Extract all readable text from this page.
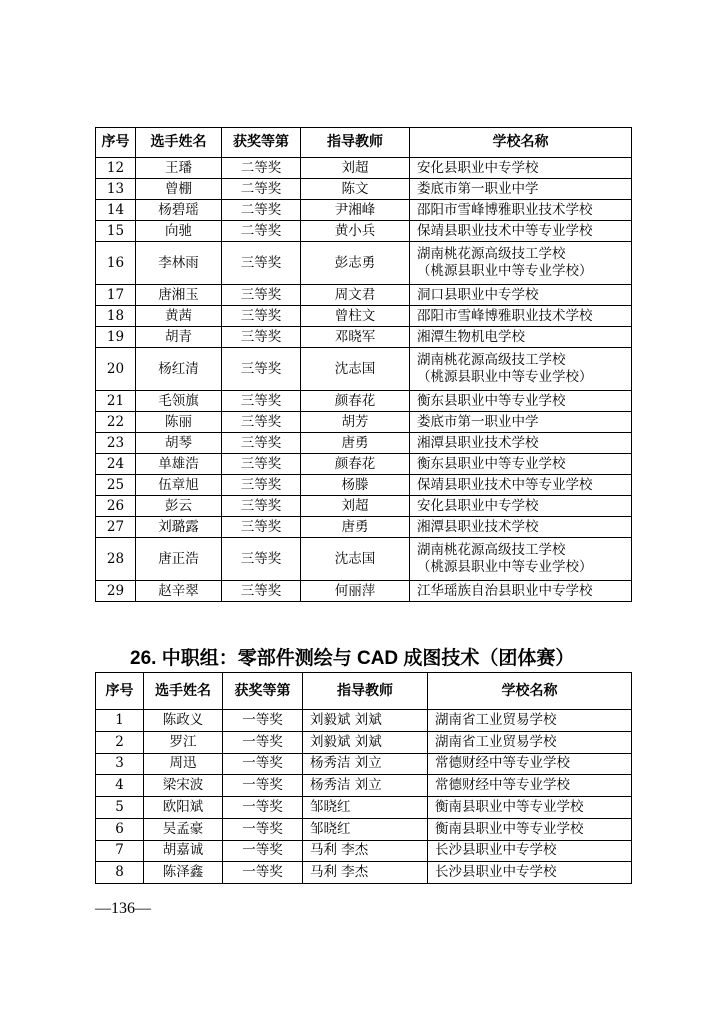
序号	选手姓名	获奖等第	指导教师	学校名称
12	王璠	二等奖	刘超	安化县职业中专学校

13	曾棚	二等奖	陈文	娄底市第一职业中学

14	杨碧瑶	二等奖	尹湘峰	邵阳市雪峰博雅职业技术学校

15	向驰	二等奖	黄小兵	保靖县职业技术中等专业学校

16	李林雨	三等奖	彭志勇	湖南桃花源高级技工学校
（桃源县职业中等专业学校）

17	唐湘玉	三等奖	周文君	洞口县职业中专学校

18	黄茜	三等奖	曾柱文	邵阳市雪峰博雅职业技术学校

19	胡青	三等奖	邓晓军	湘潭生物机电学校

20	杨红清	三等奖	沈志国	湖南桃花源高级技工学校
（桃源县职业中等专业学校）

21	毛领旗	三等奖	颜春花	衡东县职业中等专业学校

22	陈丽	三等奖	胡芳	娄底市第一职业中学

23	胡琴	三等奖	唐勇	湘潭县职业技术学校

24	单雄浩	三等奖	颜春花	衡东县职业中等专业学校

25	伍章旭	三等奖	杨滕	保靖县职业技术中等专业学校

26	彭云	三等奖	刘超	安化县职业中专学校

27	刘璐露	三等奖	唐勇	湘潭县职业技术学校

28	唐正浩	三等奖	沈志国	湖南桃花源高级技工学校
（桃源县职业中等专业学校）

29	赵辛翠	三等奖	何丽萍	江华瑶族自治县职业中专学校
26. 中职组：零部件测绘与 CAD 成图技术（团体赛）
序号	选手姓名	获奖等第	指导教师	学校名称
1	陈政义	一等奖	刘毅斌 刘斌	湖南省工业贸易学校

2	罗江	一等奖	刘毅斌 刘斌	湖南省工业贸易学校

3	周迅	一等奖	杨秀洁 刘立	常德财经中等专业学校

4	梁宋波	一等奖	杨秀洁 刘立	常德财经中等专业学校

5	欧阳斌	一等奖	邹晓红	衡南县职业中等专业学校

6	吴孟豪	一等奖	邹晓红	衡南县职业中等专业学校

7	胡嘉诚	一等奖	马利 李杰	长沙县职业中专学校

8	陈泽鑫	一等奖	马利 李杰	长沙县职业中专学校
—136—
